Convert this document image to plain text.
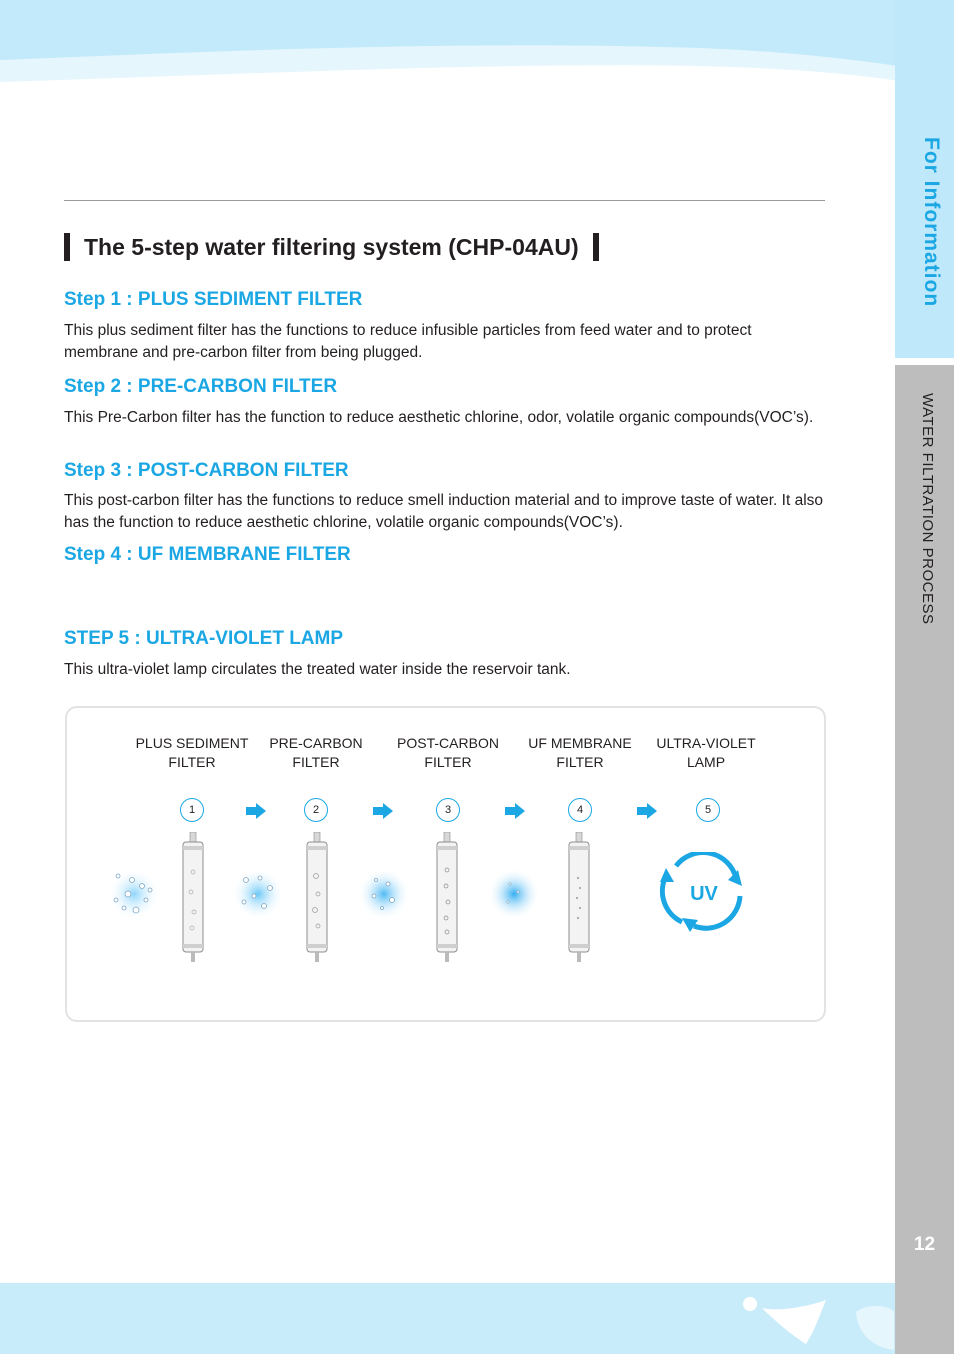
For Information
WATER FILTRATION PROCESS
12
The 5-step water filtering system (CHP-04AU)
Step 1 : PLUS SEDIMENT FILTER
This plus sediment filter has the functions to reduce infusible particles from feed water and to protect membrane and pre-carbon filter from being plugged.
Step 2 : PRE-CARBON FILTER
This Pre-Carbon filter has the function to reduce aesthetic chlorine, odor, volatile organic compounds(VOC’s).
Step 3 : POST-CARBON FILTER
This post-carbon filter has the functions to reduce smell induction material and to improve taste of water. It also has the function to reduce aesthetic chlorine, volatile organic compounds(VOC’s).
Step 4 : UF MEMBRANE FILTER
STEP 5 : ULTRA-VIOLET LAMP
This ultra-violet lamp circulates the treated water inside the reservoir tank.
PLUS SEDIMENT
FILTER
PRE-CARBON
FILTER
POST-CARBON
FILTER
UF MEMBRANE
FILTER
ULTRA-VIOLET
LAMP
1	2	3	4	5
UV
